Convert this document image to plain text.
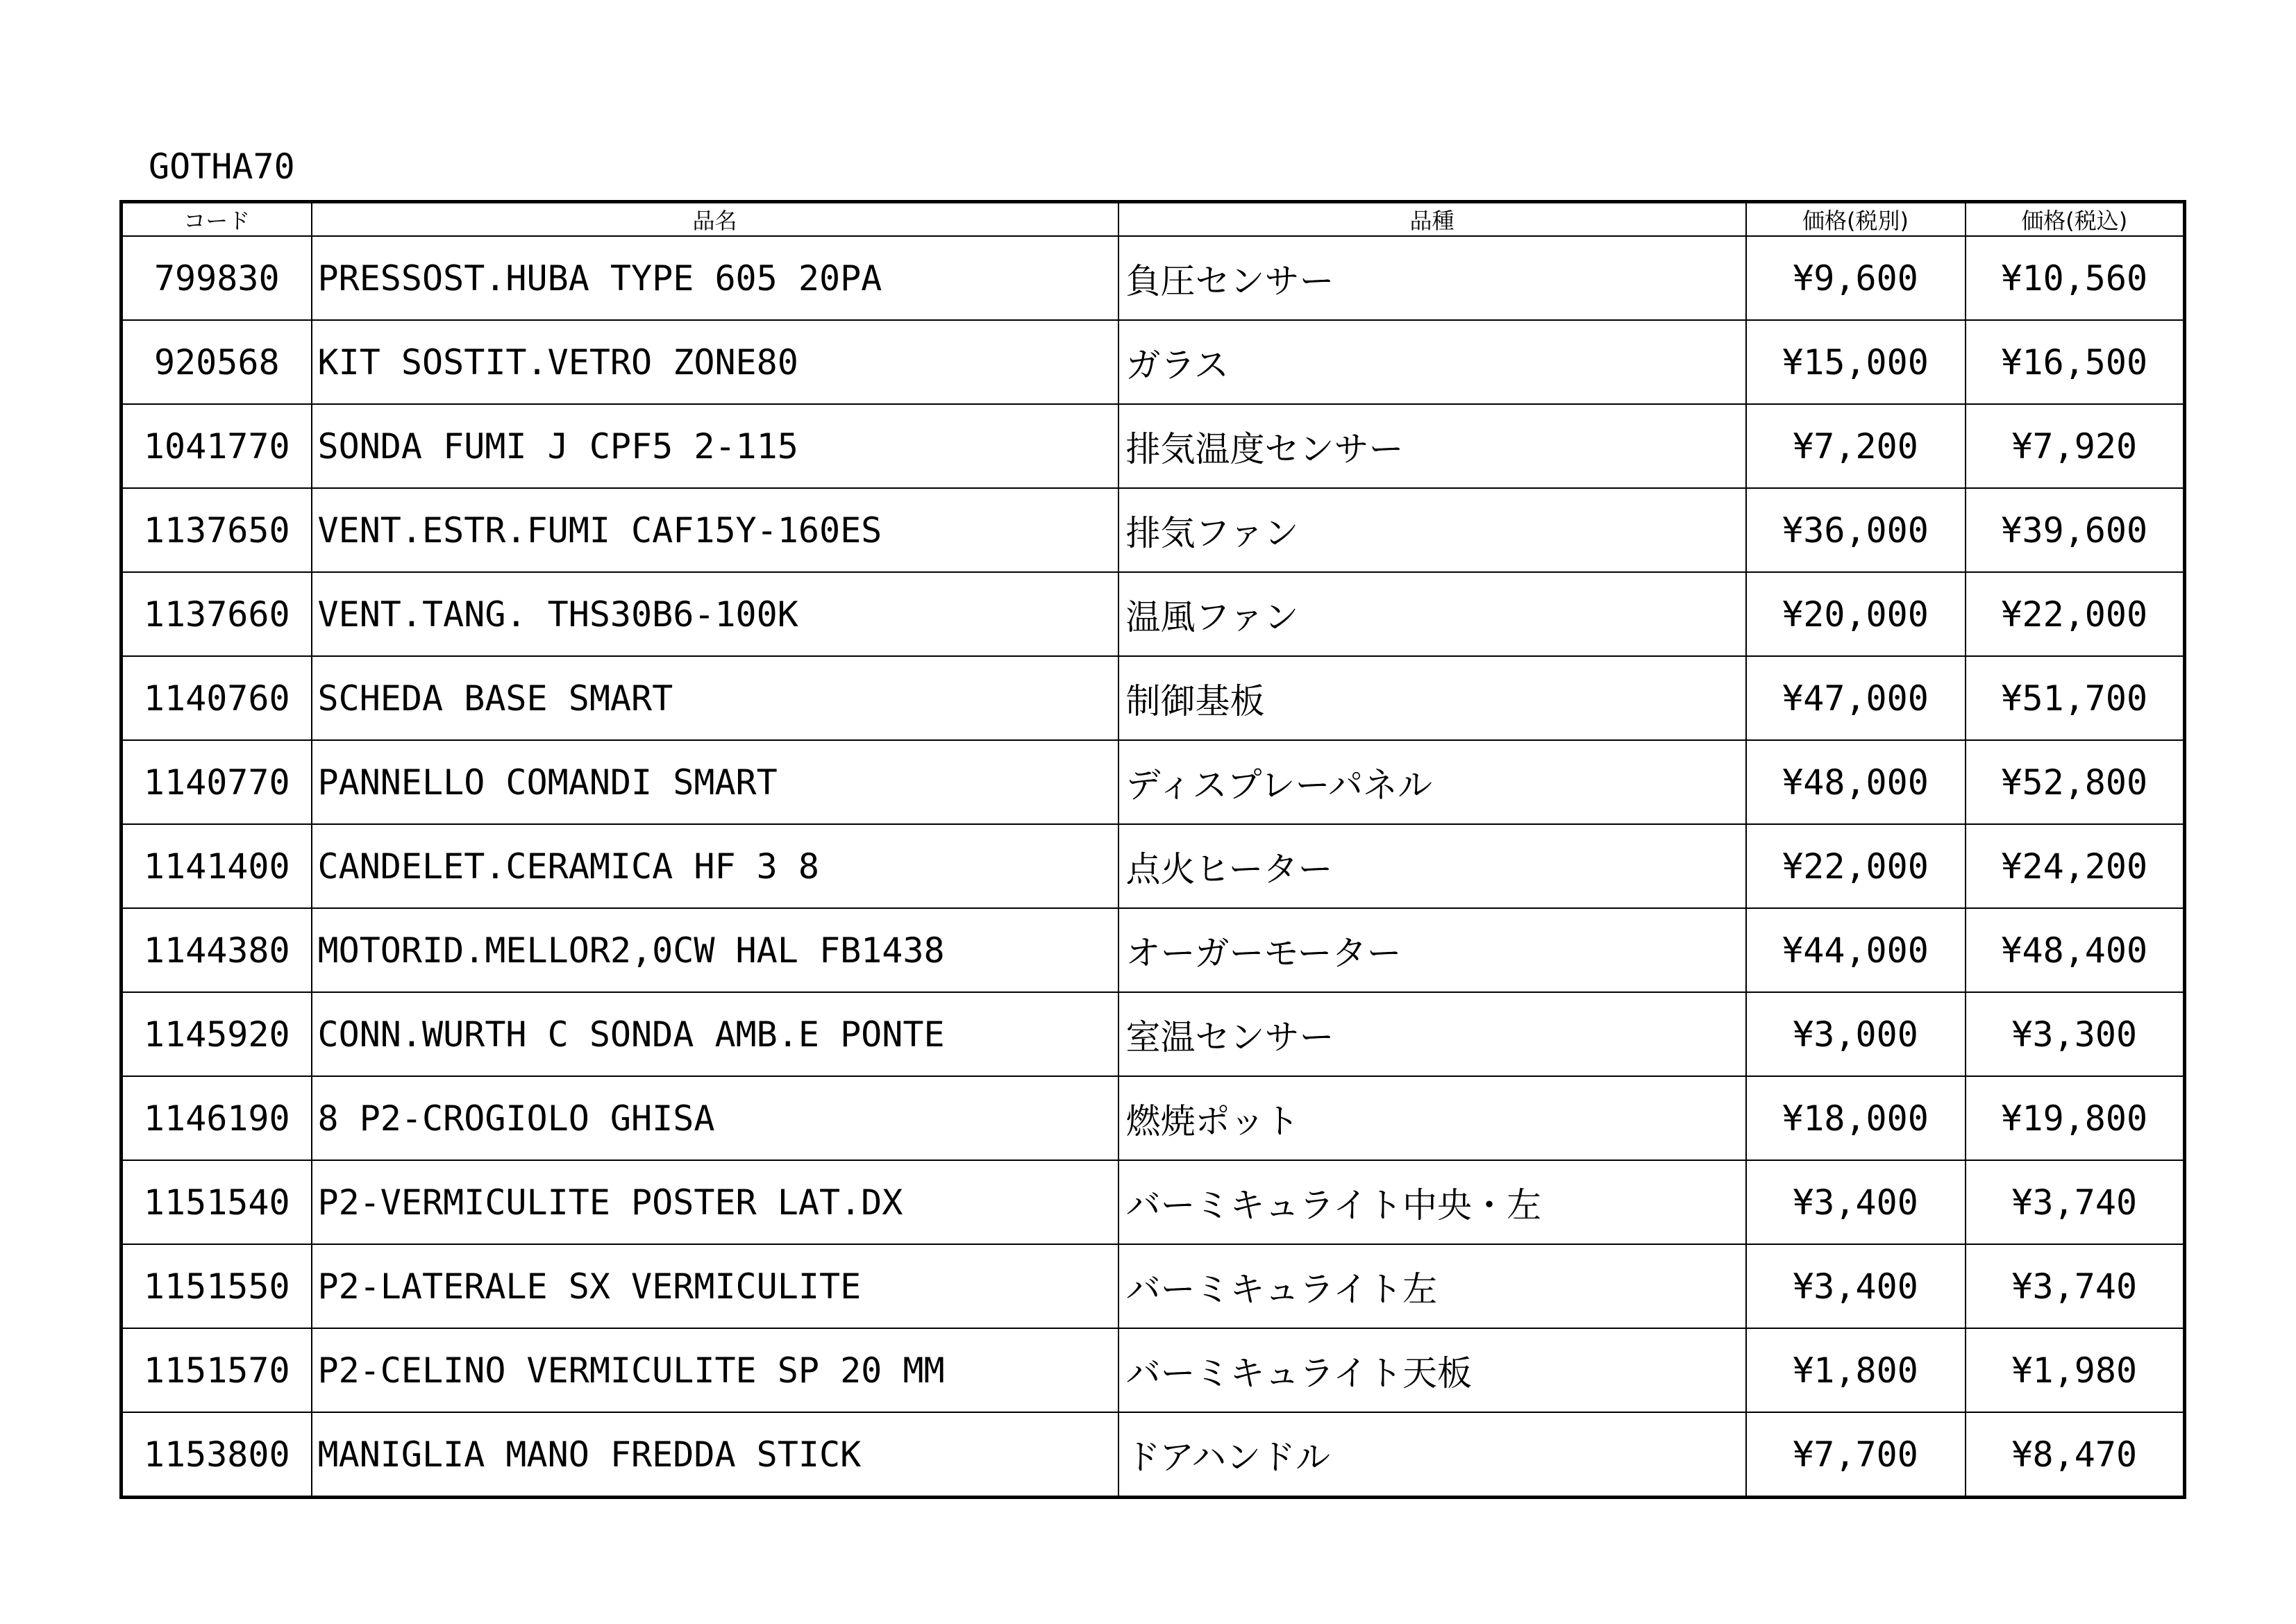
GOTHA70
コード	品名	品種	価格(税別)	価格(税込)
799830	PRESSOST.HUBA TYPE 605 20PA	負圧センサー	¥9,600	¥10,560
920568	KIT SOSTIT.VETRO ZONE80	ガラス	¥15,000	¥16,500
1041770	SONDA FUMI J CPF5 2-115	排気温度センサー	¥7,200	¥7,920
1137650	VENT.ESTR.FUMI CAF15Y-160ES	排気ファン	¥36,000	¥39,600
1137660	VENT.TANG. THS30B6-100K	温風ファン	¥20,000	¥22,000
1140760	SCHEDA BASE SMART	制御基板	¥47,000	¥51,700
1140770	PANNELLO COMANDI SMART	ディスプレーパネル	¥48,000	¥52,800
1141400	CANDELET.CERAMICA HF 3 8	点火ヒーター	¥22,000	¥24,200
1144380	MOTORID.MELLOR2,0CW HAL FB1438	オーガーモーター	¥44,000	¥48,400
1145920	CONN.WURTH C SONDA AMB.E PONTE	室温センサー	¥3,000	¥3,300
1146190	8 P2-CROGIOLO GHISA	燃焼ポット	¥18,000	¥19,800
1151540	P2-VERMICULITE POSTER LAT.DX	バーミキュライト中央・左	¥3,400	¥3,740
1151550	P2-LATERALE SX VERMICULITE	バーミキュライト左	¥3,400	¥3,740
1151570	P2-CELINO VERMICULITE SP 20 MM	バーミキュライト天板	¥1,800	¥1,980
1153800	MANIGLIA MANO FREDDA STICK	ドアハンドル	¥7,700	¥8,470
